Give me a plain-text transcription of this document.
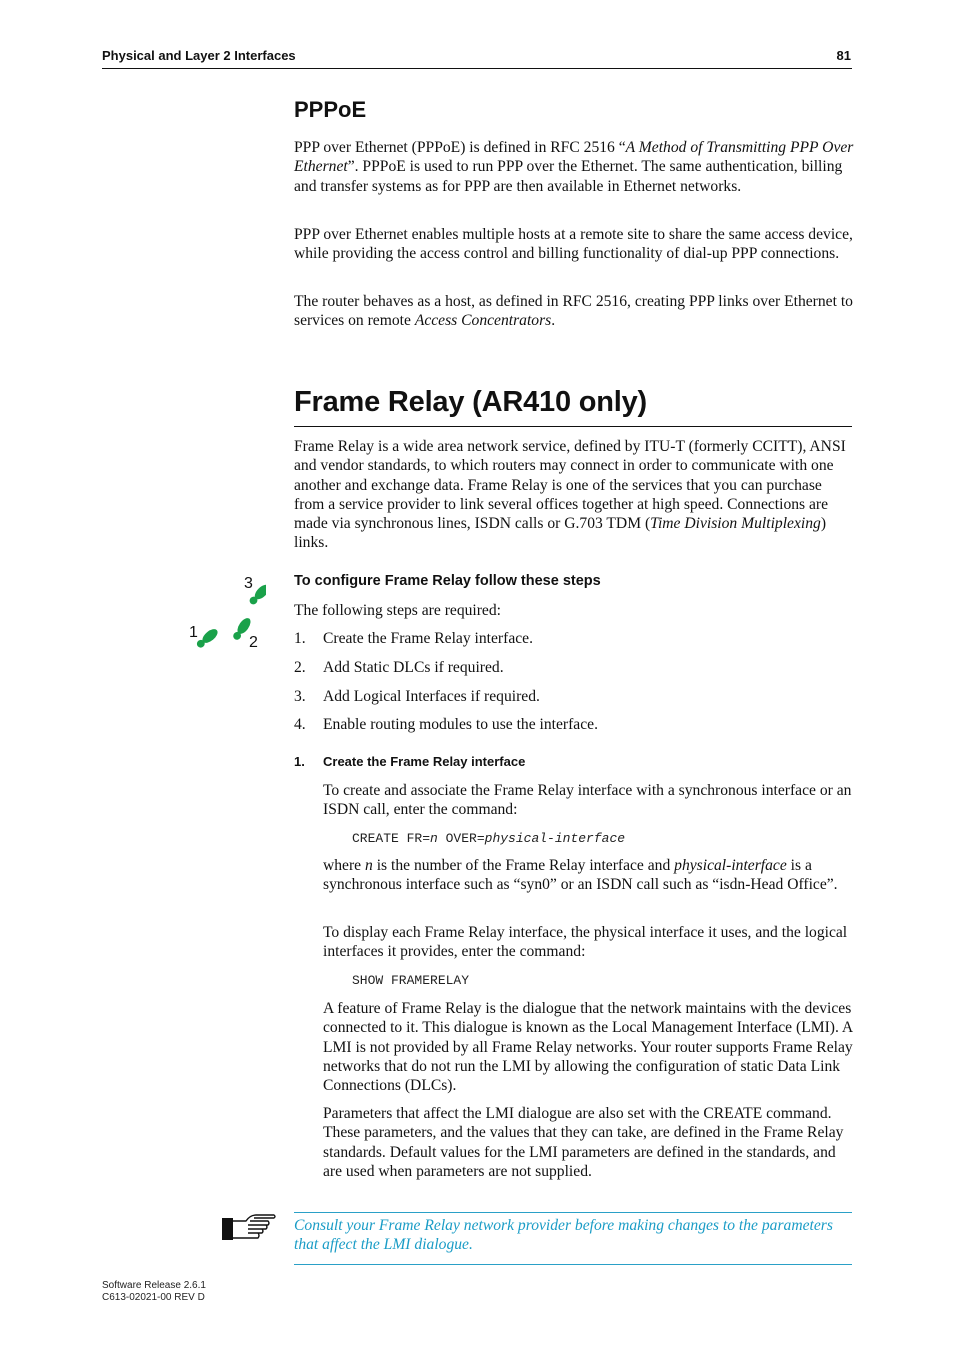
Physical and Layer 2 Interfaces	81
PPPoE

PPP over Ethernet (PPPoE) is defined in RFC 2516 “A Method of Transmitting PPP Over Ethernet”. PPPoE is used to run PPP over the Ethernet. The same authentication, billing and transfer systems as for PPP are then available in Ethernet networks.

PPP over Ethernet enables multiple hosts at a remote site to share the same access device, while providing the access control and billing functionality of dial-up PPP connections.

The router behaves as a host, as defined in RFC 2516, creating PPP links over Ethernet to services on remote Access Concentrators.

Frame Relay (AR410 only)

Frame Relay is a wide area network service, defined by ITU-T (formerly CCITT), ANSI and vendor standards, to which routers may connect in order to communicate with one another and exchange data. Frame Relay is one of the services that you can purchase from a service provider to link several offices together at high speed. Connections are made via synchronous lines, ISDN calls or G.703 TDM (Time Division Multiplexing) links.

3
1
2
To configure Frame Relay follow these steps

The following steps are required:

1. Create the Frame Relay interface.
2. Add Static DLCs if required.
3. Add Logical Interfaces if required.
4. Enable routing modules to use the interface.
1. Create the Frame Relay interface

To create and associate the Frame Relay interface with a synchronous interface or an ISDN call, enter the command:

CREATE FR=n OVER=physical-interface

where n is the number of the Frame Relay interface and physical-interface is a synchronous interface such as “syn0” or an ISDN call such as “isdn-Head Office”.

To display each Frame Relay interface, the physical interface it uses, and the logical interfaces it provides, enter the command:

SHOW FRAMERELAY

A feature of Frame Relay is the dialogue that the network maintains with the devices connected to it. This dialogue is known as the Local Management Interface (LMI). A LMI is not provided by all Frame Relay networks. Your router supports Frame Relay networks that do not run the LMI by allowing the configuration of static Data Link Connections (DLCs).

Parameters that affect the LMI dialogue are also set with the CREATE command. These parameters, and the values that they can take, are defined in the Frame Relay standards. Default values for the LMI parameters are defined in the standards, and are used when parameters are not supplied.

Consult your Frame Relay network provider before making changes to the parameters that affect the LMI dialogue.

Software Release 2.6.1
C613-02021-00 REV D
